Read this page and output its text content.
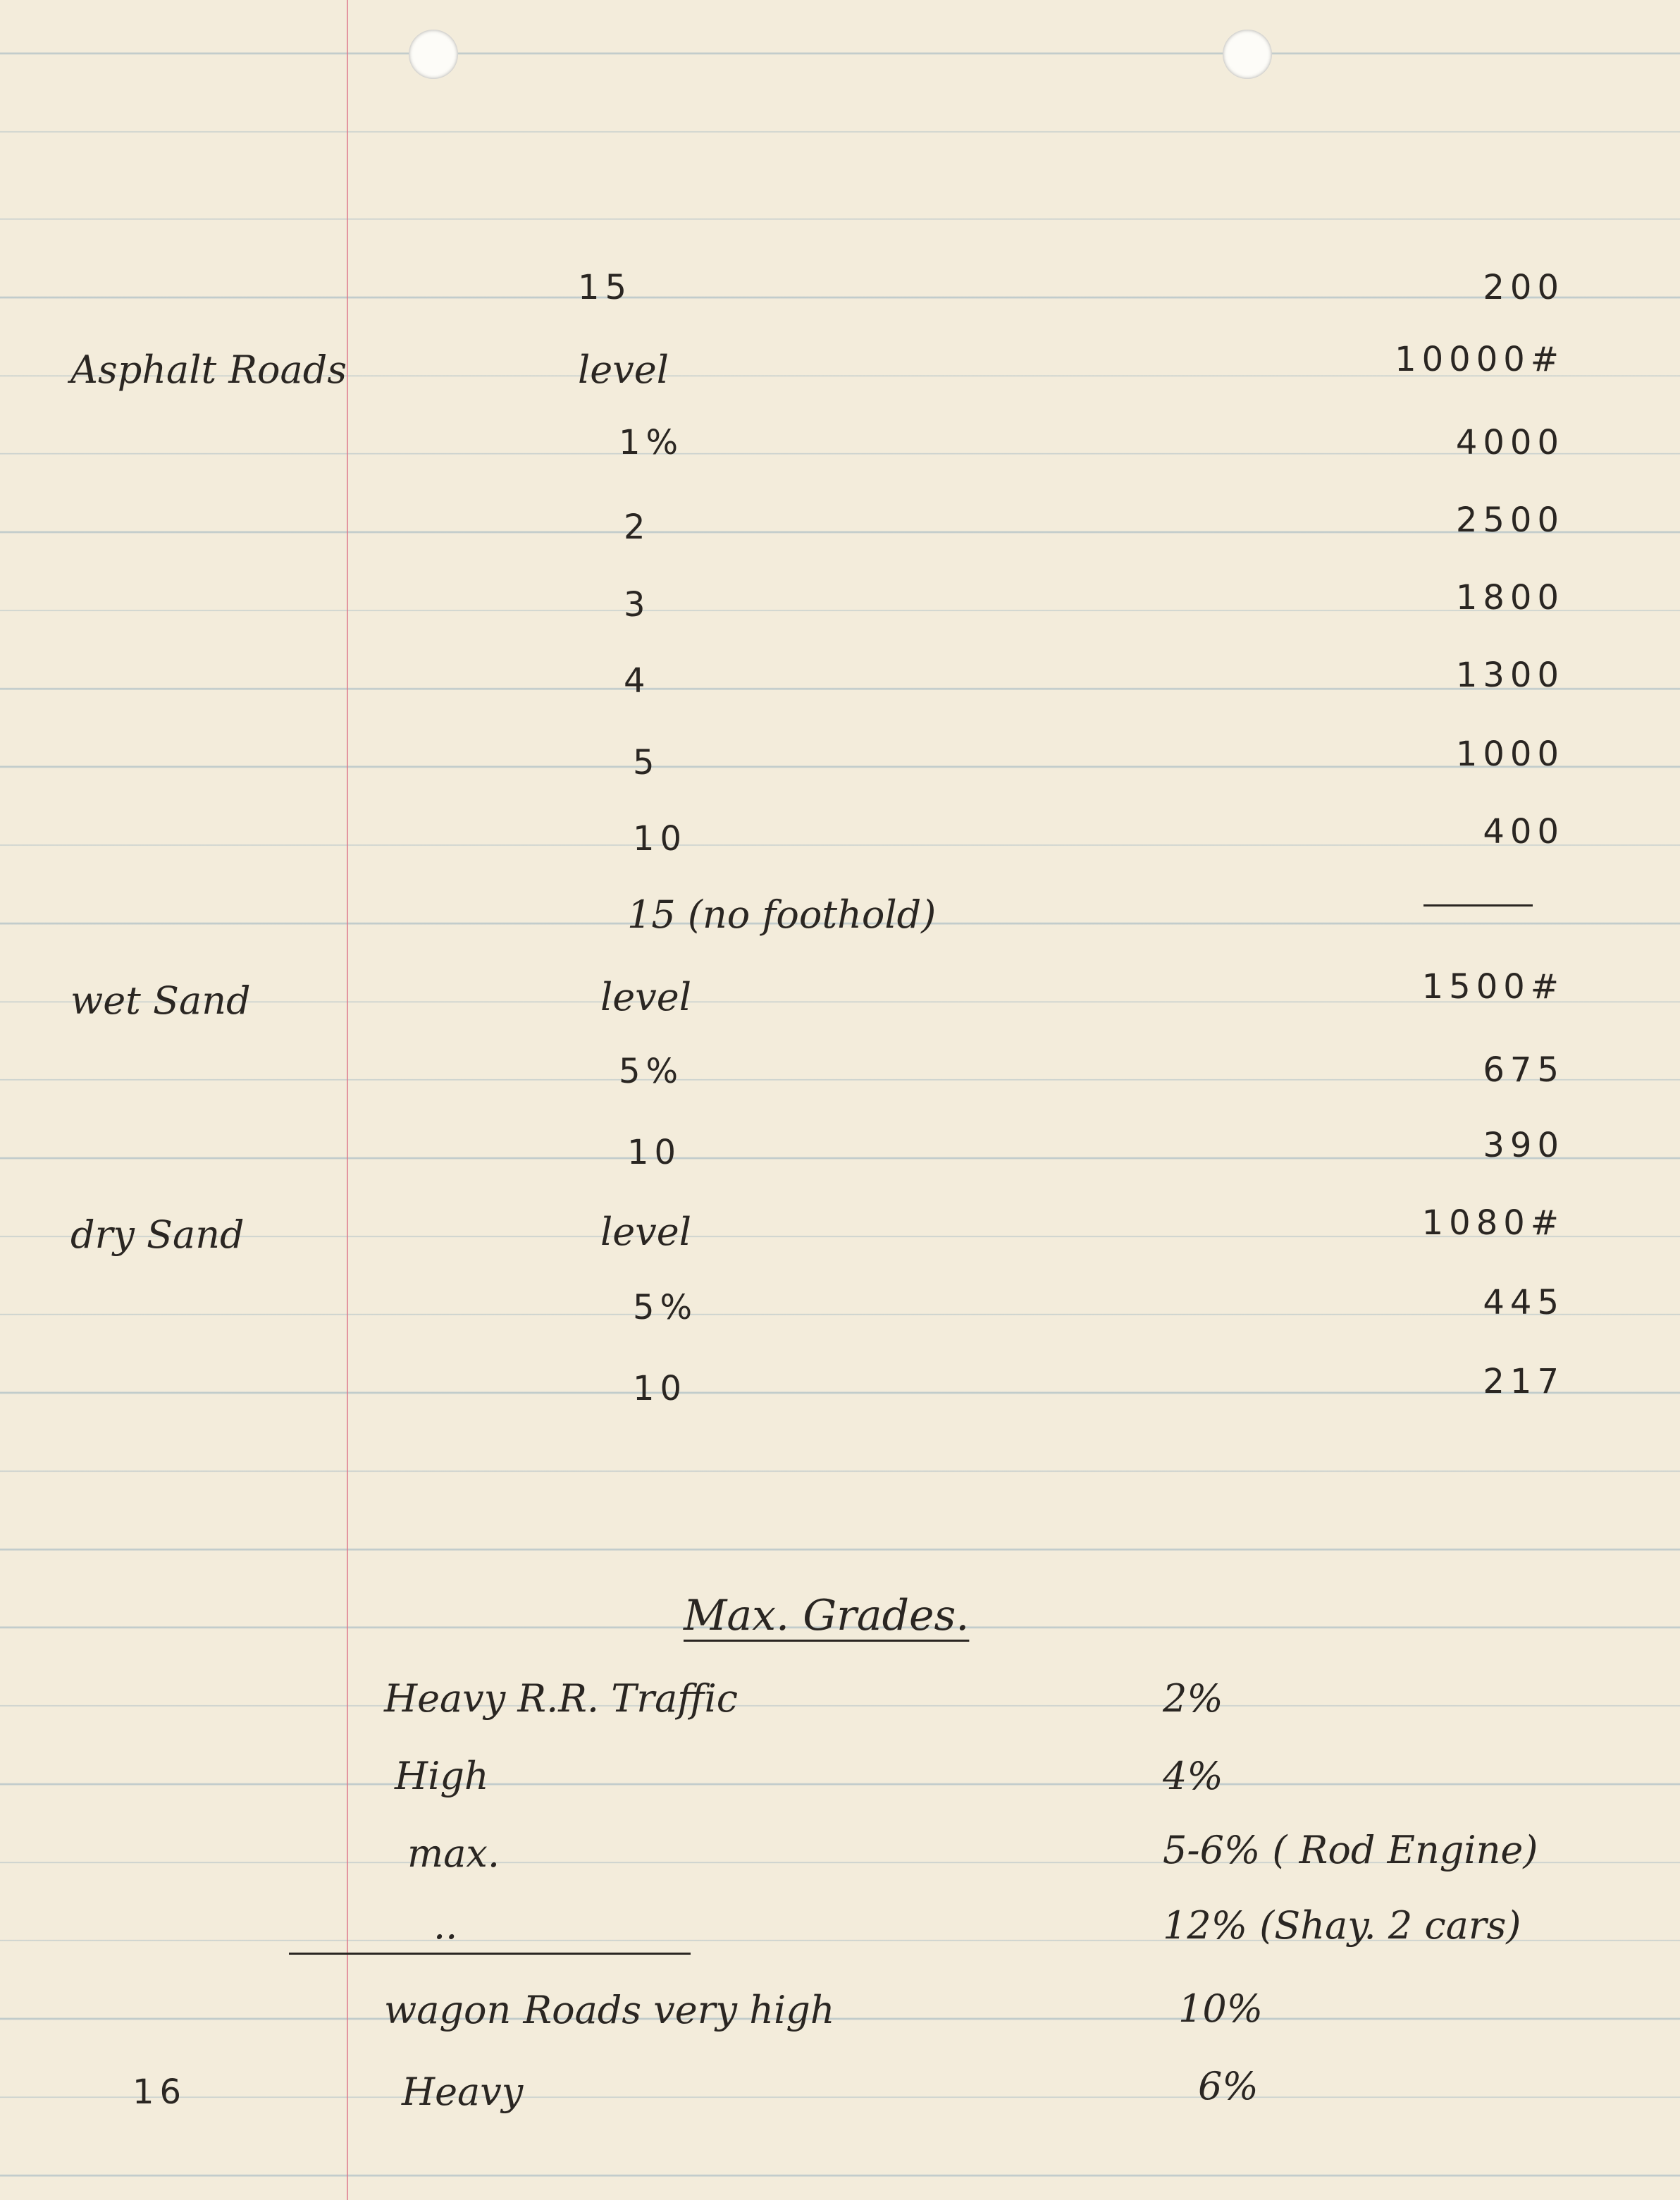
15	200
Asphalt Roads	level	10000#
1%	4000
2	2500
3	1800
4	1300
5	1000
10	400
15 (no foothold)
wet Sand	level	1500#
5%	675
10	390
dry Sand	level	1080#
5%	445
10	217
Max. Grades.
Heavy R.R. Traffic	2%
High	4%
max.	5-6% ( Rod Engine)
..	12% (Shay. 2 cars)
wagon Roads very high	10%
Heavy	6%
16
